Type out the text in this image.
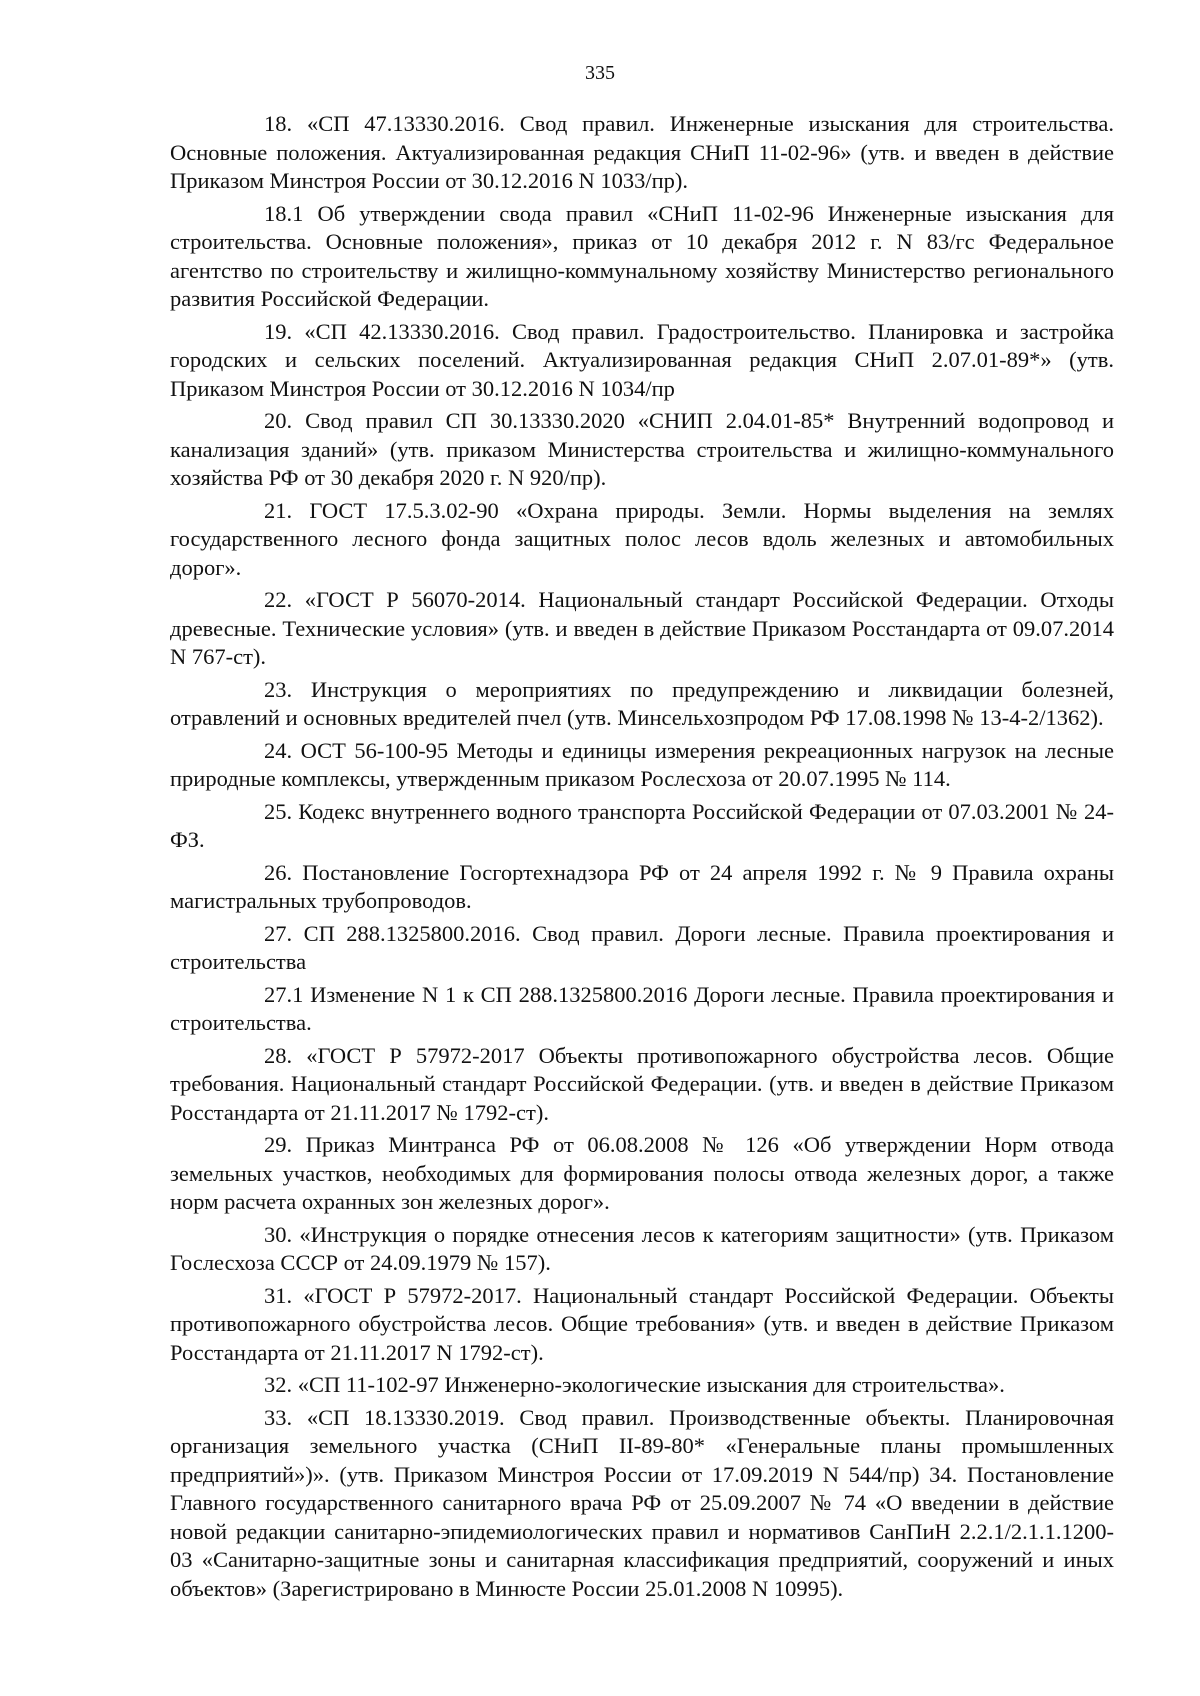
335

18. «СП 47.13330.2016. Свод правил. Инженерные изыскания для строительства. Основные положения. Актуализированная редакция СНиП 11-02-96» (утв. и введен в действие Приказом Минстроя России от 30.12.2016 N 1033/пр).

18.1 Об утверждении свода правил «СНиП 11-02-96 Инженерные изыскания для строительства. Основные положения», приказ от 10 декабря 2012 г. N 83/гс Федеральное агентство по строительству и жилищно-коммунальному хозяйству Министерство регионального развития Российской Федерации.

19. «СП 42.13330.2016. Свод правил. Градостроительство. Планировка и застройка городских и сельских поселений. Актуализированная редакция СНиП 2.07.01-89*» (утв. Приказом Минстроя России от 30.12.2016 N 1034/пр

20. Свод правил СП 30.13330.2020 «СНИП 2.04.01-85* Внутренний водопровод и канализация зданий» (утв. приказом Министерства строительства и жилищно-коммунального хозяйства РФ от 30 декабря 2020 г. N 920/пр).

21. ГОСТ 17.5.3.02-90 «Охрана природы. Земли. Нормы выделения на землях государственного лесного фонда защитных полос лесов вдоль железных и автомобильных дорог».

22. «ГОСТ Р 56070-2014. Национальный стандарт Российской Федерации. Отходы древесные. Технические условия» (утв. и введен в действие Приказом Росстандарта от 09.07.2014 N 767-ст).

23. Инструкция о мероприятиях по предупреждению и ликвидации болезней, отравлений и основных вредителей пчел (утв. Минсельхозпродом РФ 17.08.1998 № 13-4-2/1362).

24. ОСТ 56-100-95 Методы и единицы измерения рекреационных нагрузок на лесные природные комплексы, утвержденным приказом Рослесхоза от 20.07.1995 № 114.

25. Кодекс внутреннего водного транспорта Российской Федерации от 07.03.2001 № 24-ФЗ.

26. Постановление Госгортехнадзора РФ от 24 апреля 1992 г. № 9 Правила охраны магистральных трубопроводов.

27. СП 288.1325800.2016. Свод правил. Дороги лесные. Правила проектирования и строительства

27.1 Изменение N 1 к СП 288.1325800.2016 Дороги лесные. Правила проектирования и строительства.

28. «ГОСТ Р 57972-2017 Объекты противопожарного обустройства лесов. Общие требования. Национальный стандарт Российской Федерации. (утв. и введен в действие Приказом Росстандарта от 21.11.2017 № 1792-ст).

29. Приказ Минтранса РФ от 06.08.2008 № 126 «Об утверждении Норм отвода земельных участков, необходимых для формирования полосы отвода железных дорог, а также норм расчета охранных зон железных дорог».

30. «Инструкция о порядке отнесения лесов к категориям защитности» (утв. Приказом Гослесхоза СССР от 24.09.1979 № 157).

31. «ГОСТ Р 57972-2017. Национальный стандарт Российской Федерации. Объекты противопожарного обустройства лесов. Общие требования» (утв. и введен в действие Приказом Росстандарта от 21.11.2017 N 1792-ст).

32. «СП 11-102-97 Инженерно-экологические изыскания для строительства».

33. «СП 18.13330.2019. Свод правил. Производственные объекты. Планировочная организация земельного участка (СНиП II-89-80* «Генеральные планы промышленных предприятий»)». (утв. Приказом Минстроя России от 17.09.2019 N 544/пр) 34. Постановление Главного государственного санитарного врача РФ от 25.09.2007 № 74 «О введении в действие новой редакции санитарно-эпидемиологических правил и нормативов СанПиН 2.2.1/2.1.1.1200-03 «Санитарно-защитные зоны и санитарная классификация предприятий, сооружений и иных объектов» (Зарегистрировано в Минюсте России 25.01.2008 N 10995).
